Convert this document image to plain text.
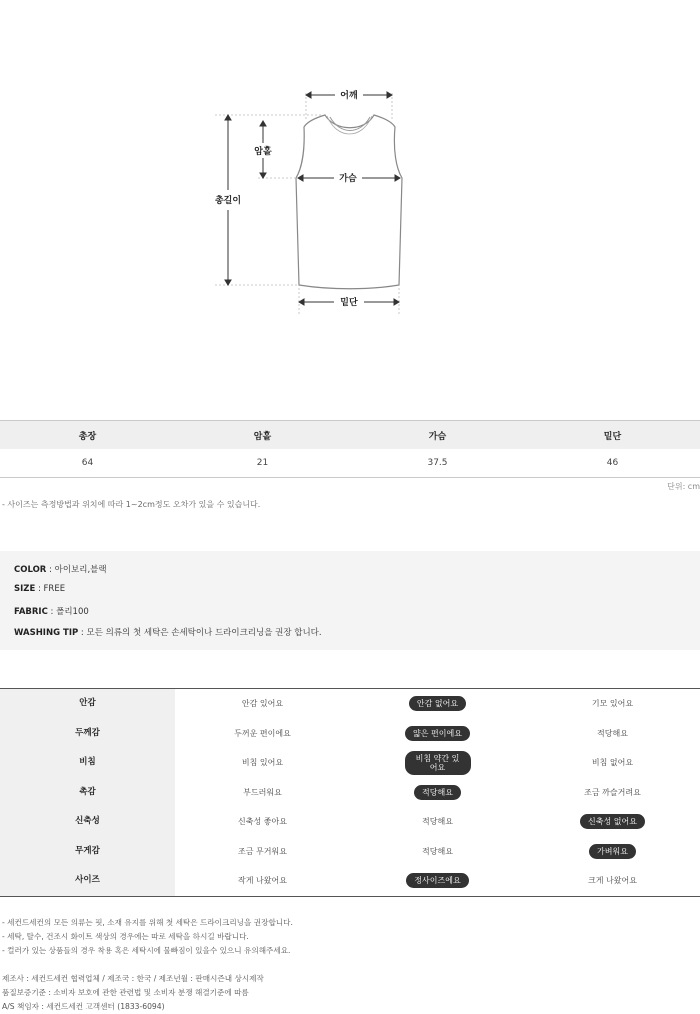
어깨
암홀
가슴
총길이
밑단
총장	암홀	가슴	밑단
64	21	37.5	46
단위: cm
- 사이즈는 측정방법과 위치에 따라 1~2cm정도 오차가 있을 수 있습니다.
COLOR : 아이보리,블랙
SIZE : FREE
FABRIC : 폴리100
WASHING TIP : 모든 의류의 첫 세탁은 손세탁이나 드라이크리닝을 권장 합니다.
안감	안감 있어요	안감 없어요	기모 있어요
두께감	두꺼운 편이에요	얇은 편이에요	적당해요
비침	비침 있어요	비침 약간 있어요	비침 없어요
촉감	부드러워요	적당해요	조금 까슬거려요
신축성	신축성 좋아요	적당해요	신축성 없어요
무게감	조금 무거워요	적당해요	가벼워요
사이즈	작게 나왔어요	정사이즈에요	크게 나왔어요
- 세컨드세컨의 모든 의류는 핏, 소재 유지를 위해 첫 세탁은 드라이크리닝을 권장합니다.
- 세탁, 탈수, 건조시 화이트 색상의 경우에는 따로 세탁을 하시길 바랍니다.
- 컬러가 있는 상품들의 경우 착용 혹은 세탁시에 물빠짐이 있을수 있으니 유의해주세요.
제조사 : 세컨드세컨 협력업체 / 제조국 : 한국 / 제조년월 : 판매시즌내 상시제작
품질보증기준 : 소비자 보호에 관한 관련법 및 소비자 분쟁 해결기준에 따름
A/S 책임자 : 세컨드세컨 고객센터 (1833-6094)
